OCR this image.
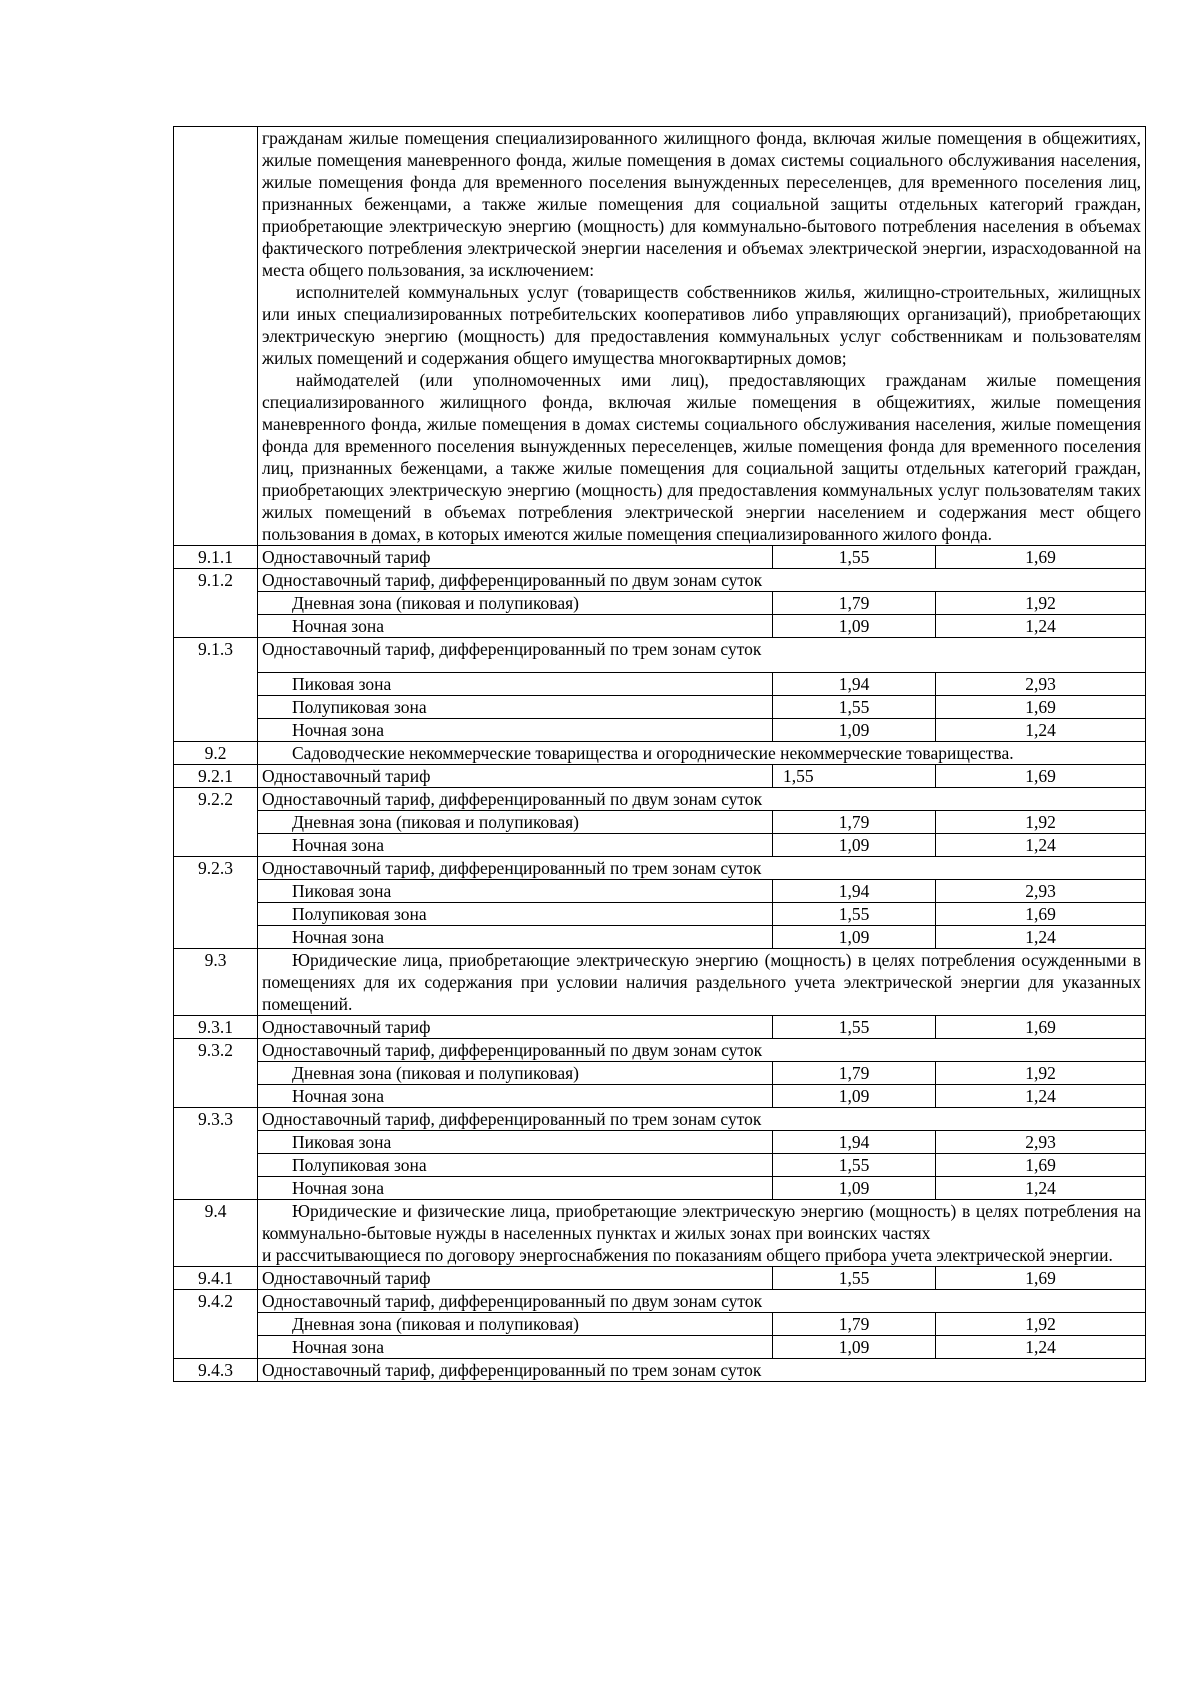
	гражданам жилые помещения специализированного жилищного фонда, включая жилые помещения в общежитиях, жилые помещения маневренного фонда, жилые помещения в домах системы социального обслуживания населения, жилые помещения фонда для временного поселения вынужденных переселенцев, для временного поселения лиц, признанных беженцами, а также жилые помещения для социальной защиты отдельных категорий граждан, приобретающие электрическую энергию (мощность) для коммунально-бытового потребления населения в объемах фактического потребления электрической энергии населения и объемах электрической энергии, израсходованной на места общего пользования, за исключением:

исполнителей коммунальных услуг (товариществ собственников жилья, жилищно-строительных, жилищных или иных специализированных потребительских кооперативов либо управляющих организаций), приобретающих электрическую энергию (мощность) для предоставления коммунальных услуг собственникам и пользователям жилых помещений и содержания общего имущества многоквартирных домов;

наймодателей (или уполномоченных ими лиц), предоставляющих гражданам жилые помещения специализированного жилищного фонда, включая жилые помещения в общежитиях, жилые помещения маневренного фонда, жилые помещения в домах системы социального обслуживания населения, жилые помещения фонда для временного поселения вынужденных переселенцев, жилые помещения фонда для временного поселения лиц, признанных беженцами, а также жилые помещения для социальной защиты отдельных категорий граждан, приобретающих электрическую энергию (мощность) для предоставления коммунальных услуг пользователям таких жилых помещений в объемах потребления электрической энергии населением и содержания мест общего пользования в домах, в которых имеются жилые помещения специализированного жилого фонда.		

9.1.1	Одноставочный тариф	1,55	1,69
9.1.2	Одноставочный тариф, дифференцированный по двум зонам суток		
	Дневная зона (пиковая и полупиковая)	1,79	1,92
	Ночная зона	1,09	1,24
9.1.3	Одноставочный тариф, дифференцированный по трем зонам суток		
	Пиковая зона	1,94	2,93
	Полупиковая зона	1,55	1,69
	Ночная зона	1,09	1,24
9.2	Садоводческие некоммерческие товарищества и огороднические некоммерческие товарищества.		
9.2.1	Одноставочный тариф	1,55	1,69
9.2.2	Одноставочный тариф, дифференцированный по двум зонам суток		
	Дневная зона (пиковая и полупиковая)	1,79	1,92
	Ночная зона	1,09	1,24
9.2.3	Одноставочный тариф, дифференцированный по трем зонам суток		
	Пиковая зона	1,94	2,93
	Полупиковая зона	1,55	1,69
	Ночная зона	1,09	1,24
9.3	Юридические лица, приобретающие электрическую энергию (мощность) в целях потребления осужденными в помещениях для их содержания при условии наличия раздельного учета электрической энергии для указанных помещений.		
9.3.1	Одноставочный тариф	1,55	1,69
9.3.2	Одноставочный тариф, дифференцированный по двум зонам суток		
	Дневная зона (пиковая и полупиковая)	1,79	1,92
	Ночная зона	1,09	1,24
9.3.3	Одноставочный тариф, дифференцированный по трем зонам суток		
	Пиковая зона	1,94	2,93
	Полупиковая зона	1,55	1,69
	Ночная зона	1,09	1,24
9.4	Юридические и физические лица, приобретающие электрическую энергию (мощность) в целях потребления на коммунально-бытовые нужды в населенных пунктах и жилых зонах при воинских частях

и рассчитывающиеся по договору энергоснабжения по показаниям общего прибора учета электрической энергии.		

9.4.1	Одноставочный тариф	1,55	1,69
9.4.2	Одноставочный тариф, дифференцированный по двум зонам суток		
	Дневная зона (пиковая и полупиковая)	1,79	1,92
	Ночная зона	1,09	1,24
9.4.3	Одноставочный тариф, дифференцированный по трем зонам суток		
